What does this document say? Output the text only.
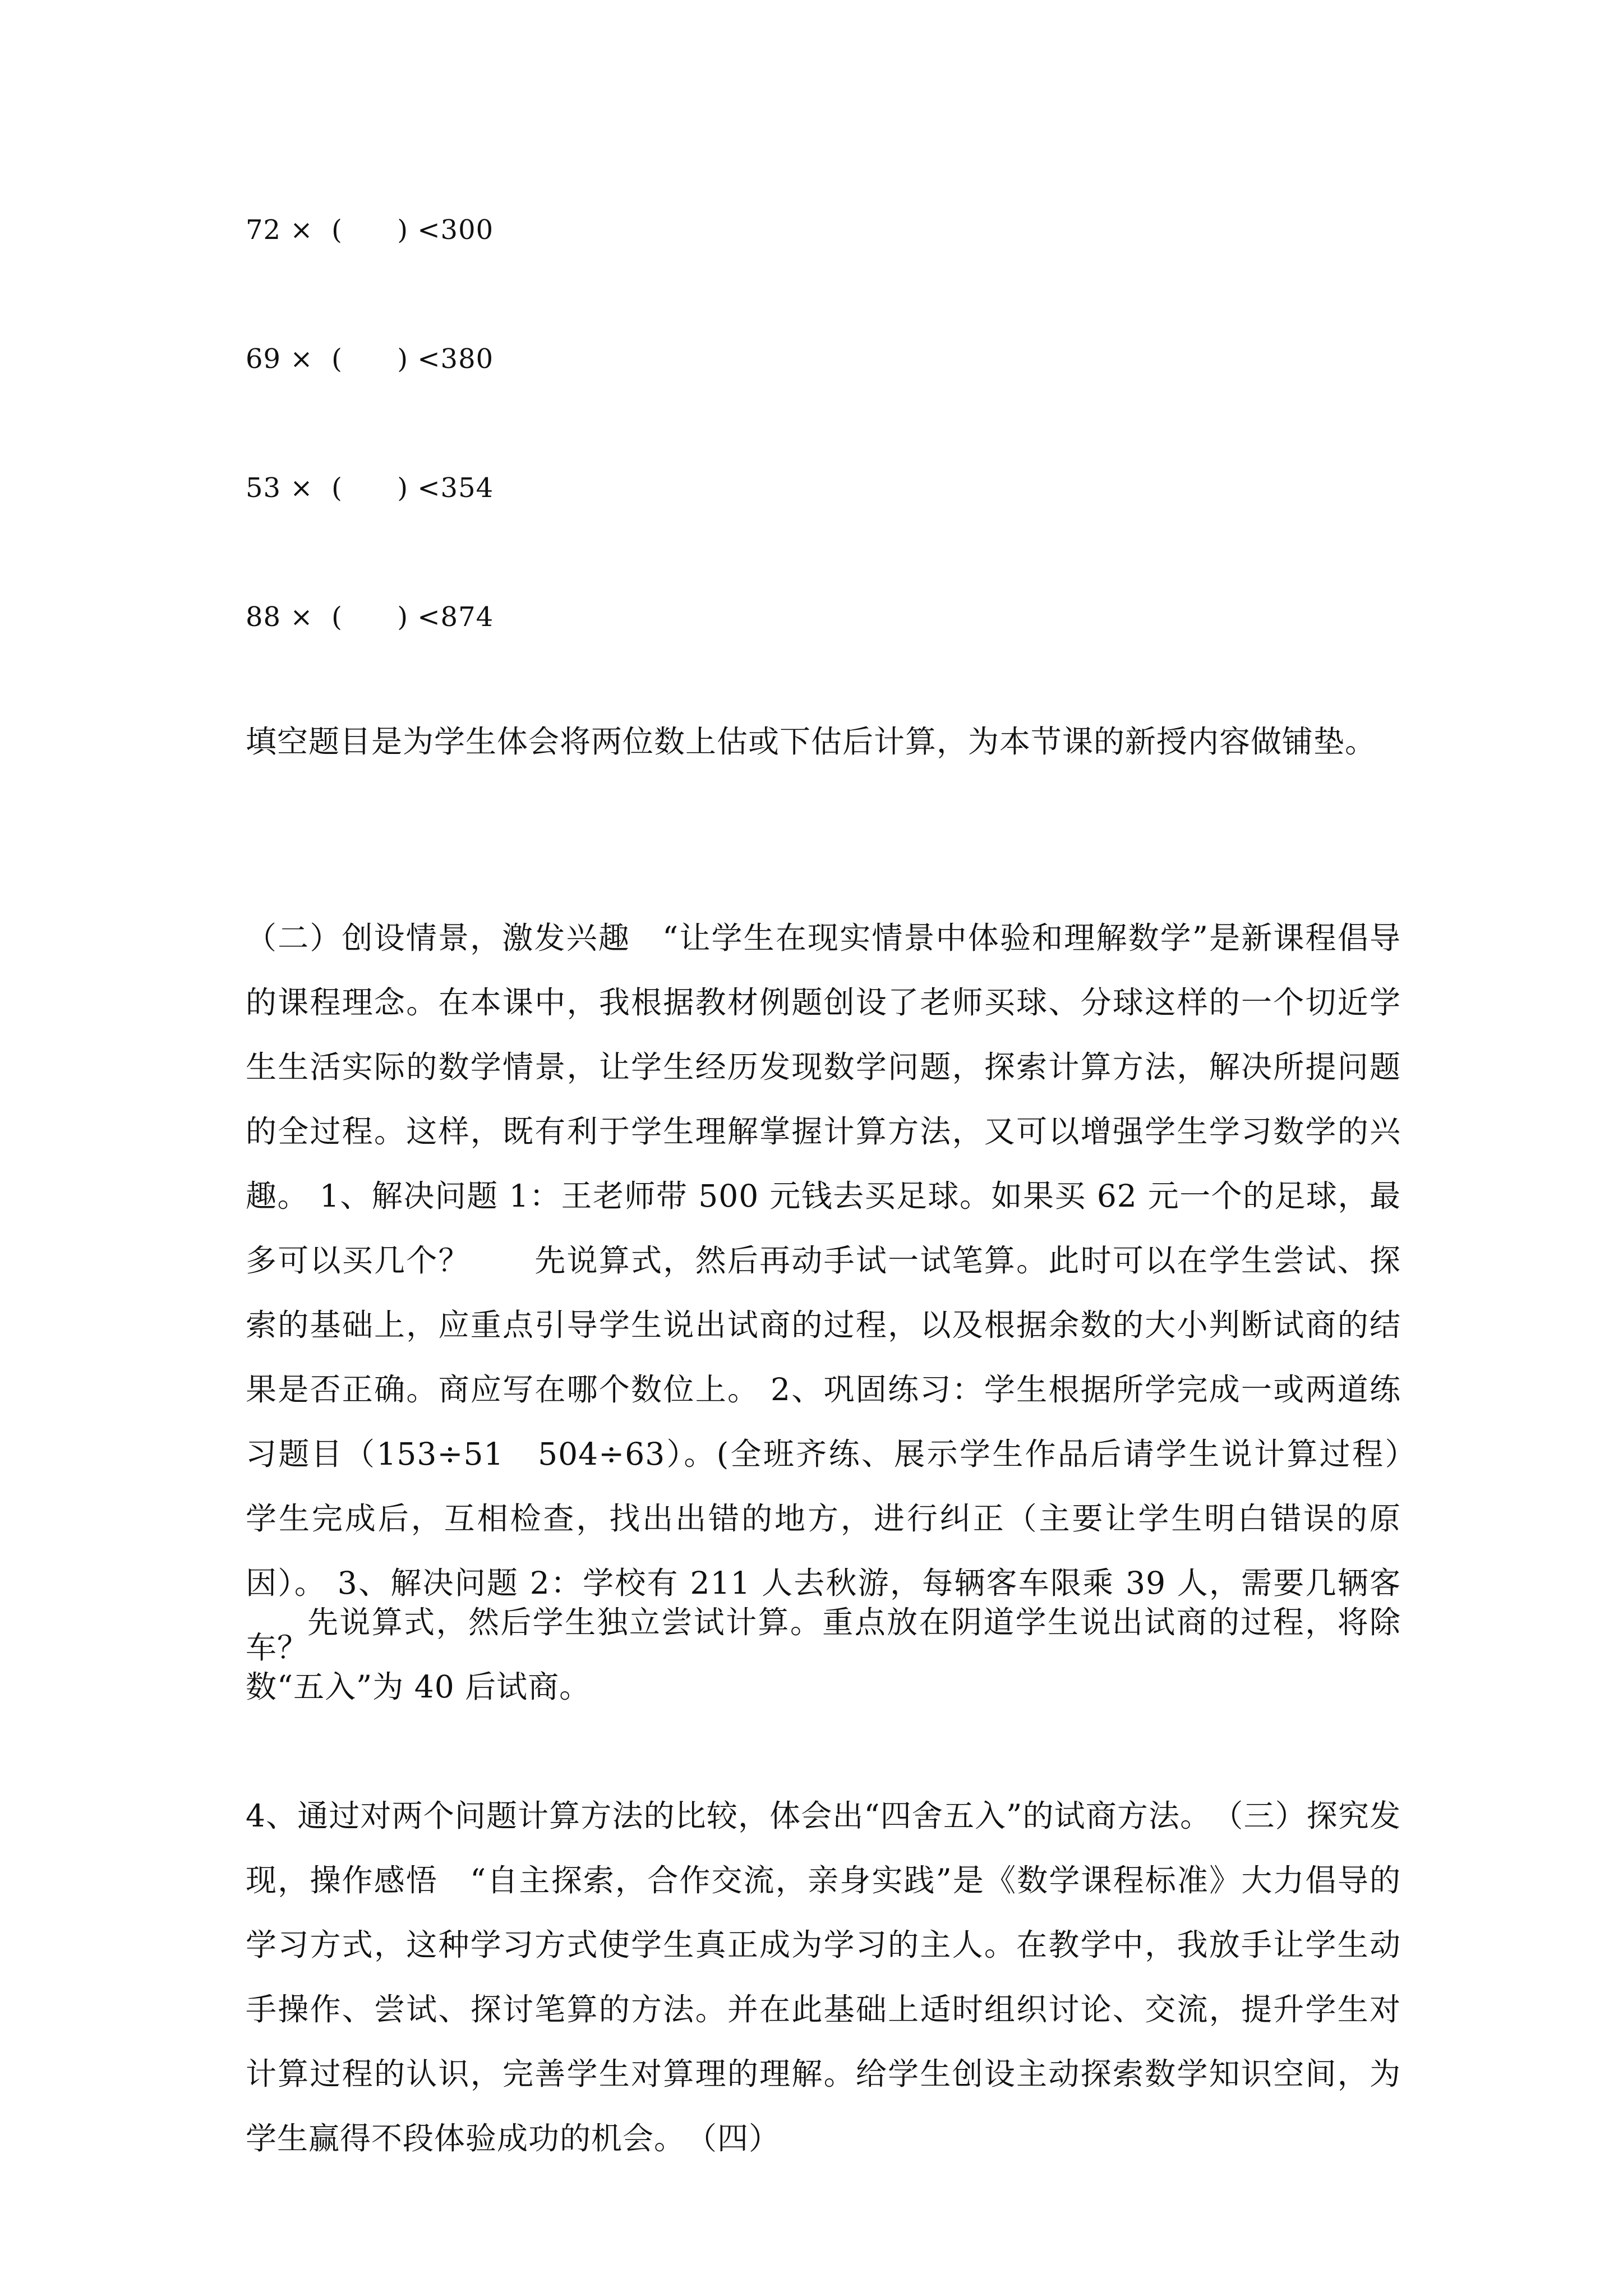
72 ×  (      ) <300
69 ×  (      ) <380
53 ×  (      ) <354
88 ×  (      ) <874
填空题目是为学生体会将两位数上估或下估后计算，为本节课的新授内容做铺垫。
（二）创设情景，激发兴趣　“让学生在现实情景中体验和理解数学”是新课程倡导的课程理念。在本课中，我根据教材例题创设了老师买球、分球这样的一个切近学生生活实际的数学情景，让学生经历发现数学问题，探索计算方法，解决所提问题的全过程。这样，既有利于学生理解掌握计算方法，又可以增强学生学习数学的兴趣。 1、解决问题 1：王老师带 500 元钱去买足球。如果买 62 元一个的足球，最多可以买几个？　　先说算式，然后再动手试一试笔算。此时可以在学生尝试、探索的基础上，应重点引导学生说出试商的过程，以及根据余数的大小判断试商的结果是否正确。商应写在哪个数位上。 2、巩固练习：学生根据所学完成一或两道练习题目（153÷51　504÷63）。(全班齐练、展示学生作品后请学生说计算过程）　学生完成后，互相检查，找出出错的地方，进行纠正（主要让学生明白错误的原因）。 3、解决问题 2：学校有 211 人去秋游，每辆客车限乘 39 人，需要几辆客车？
先说算式，然后学生独立尝试计算。重点放在阴道学生说出试商的过程，将除数“五入”为 40 后试商。
4、通过对两个问题计算方法的比较，体会出“四舍五入”的试商方法。　（三）探究发现，操作感悟　“自主探索，合作交流，亲身实践”是《数学课程标准》大力倡导的学习方式，这种学习方式使学生真正成为学习的主人。在教学中，我放手让学生动手操作、尝试、探讨笔算的方法。并在此基础上适时组织讨论、交流，提升学生对计算过程的认识，完善学生对算理的理解。给学生创设主动探索数学知识空间，为学生赢得不段体验成功的机会。　（四）
